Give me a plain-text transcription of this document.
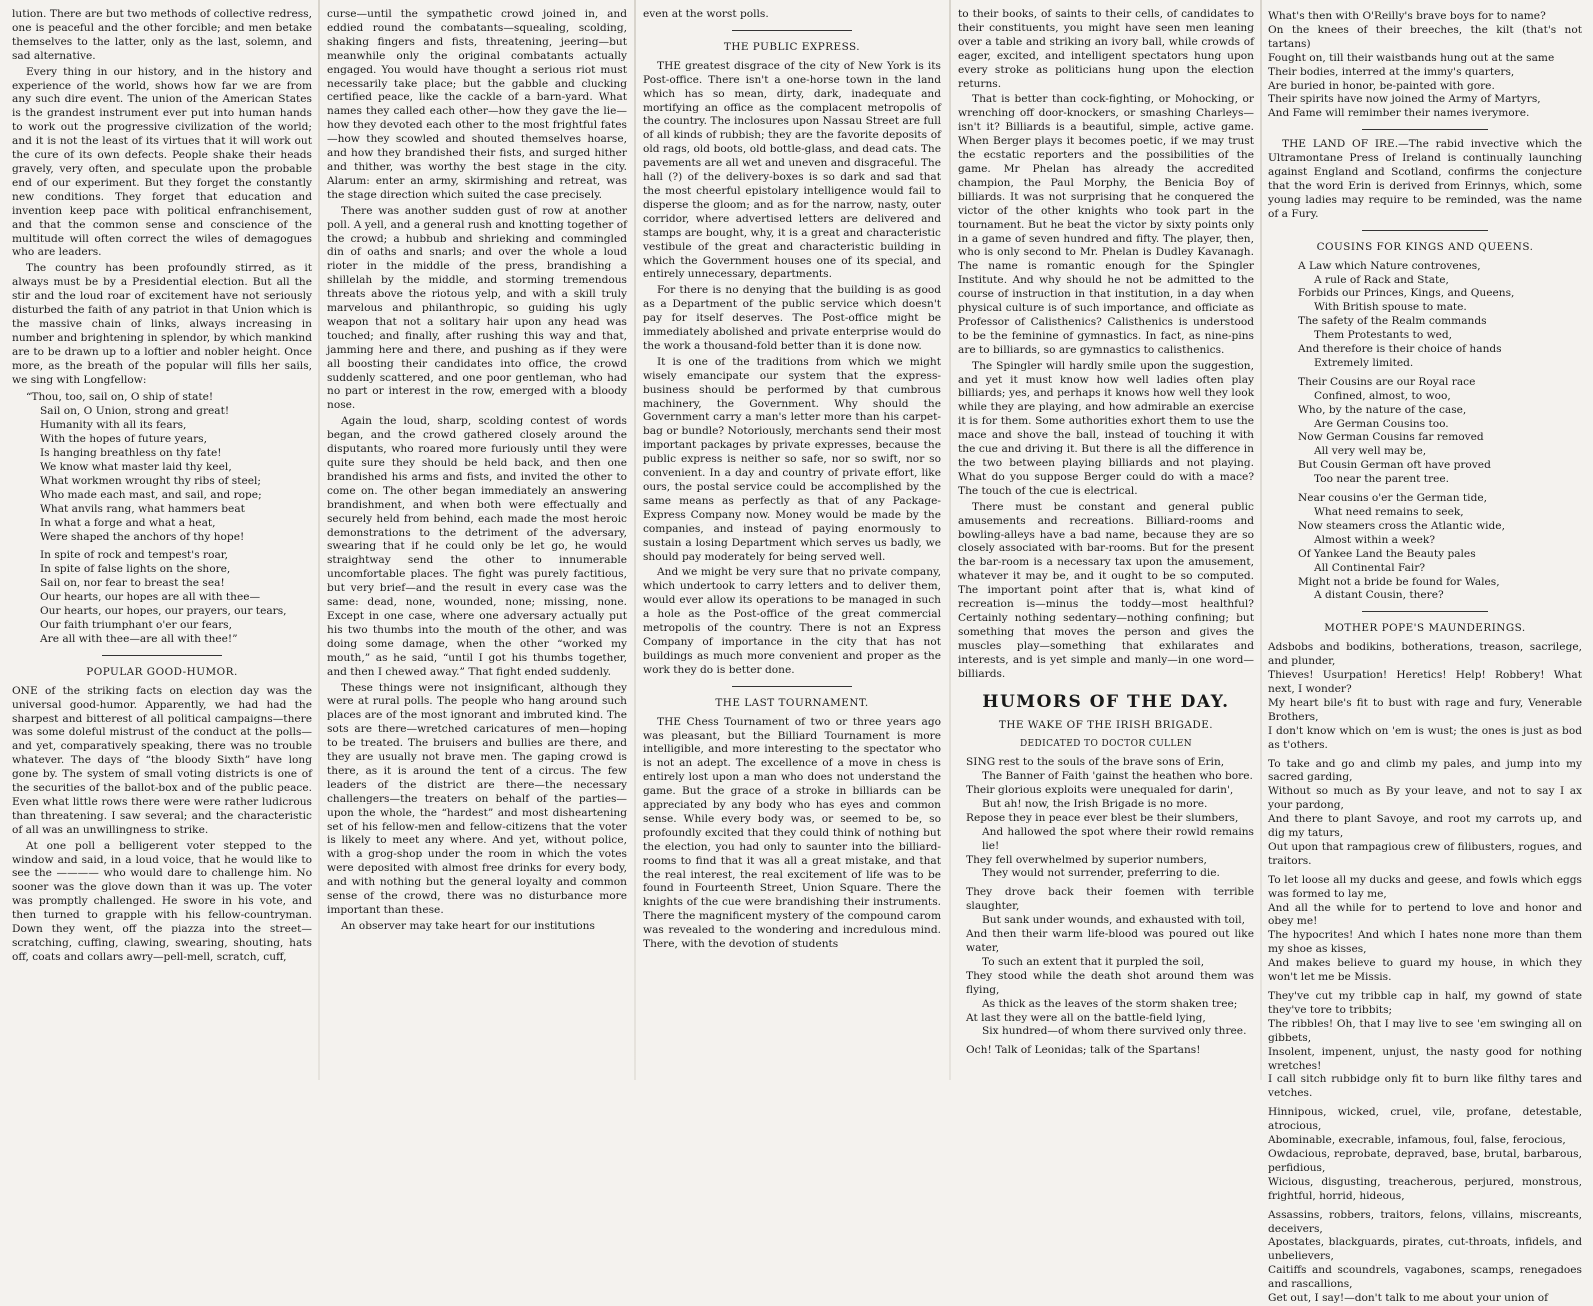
lution. There are but two methods of collective redress, one is peaceful and the other forcible; and men betake themselves to the latter, only as the last, solemn, and sad alternative.

Every thing in our history, and in the history and experience of the world, shows how far we are from any such dire event. The union of the American States is the grandest instrument ever put into human hands to work out the progressive civilization of the world; and it is not the least of its virtues that it will work out the cure of its own defects. People shake their heads gravely, very often, and speculate upon the probable end of our experiment. But they forget the constantly new conditions. They forget that education and invention keep pace with political enfranchisement, and that the common sense and conscience of the multitude will often correct the wiles of demagogues who are leaders.

The country has been profoundly stirred, as it always must be by a Presidential election. But all the stir and the loud roar of excitement have not seriously disturbed the faith of any patriot in that Union which is the massive chain of links, always increasing in number and brightening in splendor, by which mankind are to be drawn up to a loftier and nobler height. Once more, as the breath of the popular will fills her sails, we sing with Longfellow:

“Thou, too, sail on, O ship of state!
Sail on, O Union, strong and great!
Humanity with all its fears,
With the hopes of future years,
Is hanging breathless on thy fate!
We know what master laid thy keel,
What workmen wrought thy ribs of steel;
Who made each mast, and sail, and rope;
What anvils rang, what hammers beat
In what a forge and what a heat,
Were shaped the anchors of thy hope!
In spite of rock and tempest's roar,
In spite of false lights on the shore,
Sail on, nor fear to breast the sea!
Our hearts, our hopes are all with thee—
Our hearts, our hopes, our prayers, our tears,
Our faith triumphant o'er our fears,
Are all with thee—are all with thee!”
POPULAR GOOD-HUMOR.

ONE of the striking facts on election day was the universal good-humor. Apparently, we had had the sharpest and bitterest of all political campaigns—there was some doleful mistrust of the conduct at the polls—and yet, comparatively speaking, there was no trouble whatever. The days of “the bloody Sixth” have long gone by. The system of small voting districts is one of the securities of the ballot-box and of the public peace. Even what little rows there were were rather ludicrous than threatening. I saw several; and the characteristic of all was an unwillingness to strike.

At one poll a belligerent voter stepped to the window and said, in a loud voice, that he would like to see the ———— who would dare to challenge him. No sooner was the glove down than it was up. The voter was promptly challenged. He swore in his vote, and then turned to grapple with his fellow-countryman. Down they went, off the piazza into the street—scratching, cuffing, clawing, swearing, shouting, hats off, coats and collars awry—pell-mell, scratch, cuff,

curse—until the sympathetic crowd joined in, and eddied round the combatants—squealing, scolding, shaking fingers and fists, threatening, jeering—but meanwhile only the original combatants actually engaged. You would have thought a serious riot must necessarily take place; but the gabble and clucking certified peace, like the cackle of a barn-yard. What names they called each other—how they gave the lie—how they devoted each other to the most frightful fates—how they scowled and shouted themselves hoarse, and how they brandished their fists, and surged hither and thither, was worthy the best stage in the city. Alarum: enter an army, skirmishing and retreat, was the stage direction which suited the case precisely.

There was another sudden gust of row at another poll. A yell, and a general rush and knotting together of the crowd; a hubbub and shrieking and commingled din of oaths and snarls; and over the whole a loud rioter in the middle of the press, brandishing a shillelah by the middle, and storming tremendous threats above the riotous yelp, and with a skill truly marvelous and philanthropic, so guiding his ugly weapon that not a solitary hair upon any head was touched; and finally, after rushing this way and that, jamming here and there, and pushing as if they were all boosting their candidates into office, the crowd suddenly scattered, and one poor gentleman, who had no part or interest in the row, emerged with a bloody nose.

Again the loud, sharp, scolding contest of words began, and the crowd gathered closely around the disputants, who roared more furiously until they were quite sure they should be held back, and then one brandished his arms and fists, and invited the other to come on. The other began immediately an answering brandishment, and when both were effectually and securely held from behind, each made the most heroic demonstrations to the detriment of the adversary, swearing that if he could only be let go, he would straightway send the other to innumerable uncomfortable places. The fight was purely factitious, but very brief—and the result in every case was the same: dead, none, wounded, none; missing, none. Except in one case, where one adversary actually put his two thumbs into the mouth of the other, and was doing some damage, when the other “worked my mouth,” as he said, “until I got his thumbs together, and then I chewed away.” That fight ended suddenly.

These things were not insignificant, although they were at rural polls. The people who hang around such places are of the most ignorant and imbruted kind. The sots are there—wretched caricatures of men—hoping to be treated. The bruisers and bullies are there, and they are usually not brave men. The gaping crowd is there, as it is around the tent of a circus. The few leaders of the district are there—the necessary challengers—the treaters on behalf of the parties—upon the whole, the “hardest” and most disheartening set of his fellow-men and fellow-citizens that the voter is likely to meet any where. And yet, without police, with a grog-shop under the room in which the votes were deposited with almost free drinks for every body, and with nothing but the general loyalty and common sense of the crowd, there was no disturbance more important than these.

An observer may take heart for our institutions

even at the worst polls.

THE PUBLIC EXPRESS.

THE greatest disgrace of the city of New York is its Post-office. There isn't a one-horse town in the land which has so mean, dirty, dark, inadequate and mortifying an office as the complacent metropolis of the country. The inclosures upon Nassau Street are full of all kinds of rubbish; they are the favorite deposits of old rags, old boots, old bottle-glass, and dead cats. The pavements are all wet and uneven and disgraceful. The hall (?) of the delivery-boxes is so dark and sad that the most cheerful epistolary intelligence would fail to disperse the gloom; and as for the narrow, nasty, outer corridor, where advertised letters are delivered and stamps are bought, why, it is a great and characteristic vestibule of the great and characteristic building in which the Government houses one of its special, and entirely unnecessary, departments.

For there is no denying that the building is as good as a Department of the public service which doesn't pay for itself deserves. The Post-office might be immediately abolished and private enterprise would do the work a thousand-fold better than it is done now.

It is one of the traditions from which we might wisely emancipate our system that the express-business should be performed by that cumbrous machinery, the Government. Why should the Government carry a man's letter more than his carpet-bag or bundle? Notoriously, merchants send their most important packages by private expresses, because the public express is neither so safe, nor so swift, nor so convenient. In a day and country of private effort, like ours, the postal service could be accomplished by the same means as perfectly as that of any Package-Express Company now. Money would be made by the companies, and instead of paying enormously to sustain a losing Department which serves us badly, we should pay moderately for being served well.

And we might be very sure that no private company, which undertook to carry letters and to deliver them, would ever allow its operations to be managed in such a hole as the Post-office of the great commercial metropolis of the country. There is not an Express Company of importance in the city that has not buildings as much more convenient and proper as the work they do is better done.

THE LAST TOURNAMENT.

THE Chess Tournament of two or three years ago was pleasant, but the Billiard Tournament is more intelligible, and more interesting to the spectator who is not an adept. The excellence of a move in chess is entirely lost upon a man who does not understand the game. But the grace of a stroke in billiards can be appreciated by any body who has eyes and common sense. While every body was, or seemed to be, so profoundly excited that they could think of nothing but the election, you had only to saunter into the billiard-rooms to find that it was all a great mistake, and that the real interest, the real excitement of life was to be found in Fourteenth Street, Union Square. There the knights of the cue were brandishing their instruments. There the magnificent mystery of the compound carom was revealed to the wondering and incredulous mind. There, with the devotion of students

to their books, of saints to their cells, of candidates to their constituents, you might have seen men leaning over a table and striking an ivory ball, while crowds of eager, excited, and intelligent spectators hung upon every stroke as politicians hung upon the election returns.

That is better than cock-fighting, or Mohocking, or wrenching off door-knockers, or smashing Charleys—isn't it? Billiards is a beautiful, simple, active game. When Berger plays it becomes poetic, if we may trust the ecstatic reporters and the possibilities of the game. Mr Phelan has already the accredited champion, the Paul Morphy, the Benicia Boy of billiards. It was not surprising that he conquered the victor of the other knights who took part in the tournament. But he beat the victor by sixty points only in a game of seven hundred and fifty. The player, then, who is only second to Mr. Phelan is Dudley Kavanagh. The name is romantic enough for the Spingler Institute. And why should he not be admitted to the course of instruction in that institution, in a day when physical culture is of such importance, and officiate as Professor of Calisthenics? Calisthenics is understood to be the feminine of gymnastics. In fact, as nine-pins are to billiards, so are gymnastics to calisthenics.

The Spingler will hardly smile upon the suggestion, and yet it must know how well ladies often play billiards; yes, and perhaps it knows how well they look while they are playing, and how admirable an exercise it is for them. Some authorities exhort them to use the mace and shove the ball, instead of touching it with the cue and driving it. But there is all the difference in the two between playing billiards and not playing. What do you suppose Berger could do with a mace? The touch of the cue is electrical.

There must be constant and general public amusements and recreations. Billiard-rooms and bowling-alleys have a bad name, because they are so closely associated with bar-rooms. But for the present the bar-room is a necessary tax upon the amusement, whatever it may be, and it ought to be so computed. The important point after that is, what kind of recreation is—minus the toddy—most healthful? Certainly nothing sedentary—nothing confining; but something that moves the person and gives the muscles play—something that exhilarates and interests, and is yet simple and manly—in one word—billiards.

HUMORS OF THE DAY.
THE WAKE OF THE IRISH BRIGADE.
DEDICATED TO DOCTOR CULLEN
SING rest to the souls of the brave sons of Erin,
The Banner of Faith 'gainst the heathen who bore.
Their glorious exploits were unequaled for darin',
But ah! now, the Irish Brigade is no more.
Repose they in peace ever blest be their slumbers,
And hallowed the spot where their rowld remains lie!
They fell overwhelmed by superior numbers,
They would not surrender, preferring to die.
They drove back their foemen with terrible slaughter,
But sank under wounds, and exhausted with toil,
And then their warm life-blood was poured out like water,
To such an extent that it purpled the soil,
They stood while the death shot around them was flying,
As thick as the leaves of the storm shaken tree;
At last they were all on the battle-field lying,
Six hundred—of whom there survived only three.
Och! Talk of Leonidas; talk of the Spartans!
What's then with O'Reilly's brave boys for to name?
On the knees of their breeches, the kilt (that's not tartans)
Fought on, till their waistbands hung out at the same
Their bodies, interred at the immy's quarters,
Are buried in honor, be-painted with gore.
Their spirits have now joined the Army of Martyrs,
And Fame will remimber their names iverymore.

THE LAND OF IRE.—The rabid invective which the Ultramontane Press of Ireland is continually launching against England and Scotland, confirms the conjecture that the word Erin is derived from Erinnys, which, some young ladies may require to be reminded, was the name of a Fury.

COUSINS FOR KINGS AND QUEENS.
A Law which Nature controvenes,
A rule of Rack and State,
Forbids our Princes, Kings, and Queens,
With British spouse to mate.
The safety of the Realm commands
Them Protestants to wed,
And therefore is their choice of hands
Extremely limited.
Their Cousins are our Royal race
Confined, almost, to woo,
Who, by the nature of the case,
Are German Cousins too.
Now German Cousins far removed
All very well may be,
But Cousin German oft have proved
Too near the parent tree.
Near cousins o'er the German tide,
What need remains to seek,
Now steamers cross the Atlantic wide,
Almost within a week?
Of Yankee Land the Beauty pales
All Continental Fair?
Might not a bride be found for Wales,
A distant Cousin, there?
MOTHER POPE'S MAUNDERINGS.
Adsbobs and bodikins, botherations, treason, sacrilege, and plunder,
Thieves! Usurpation! Heretics! Help! Robbery! What next, I wonder?
My heart bile's fit to bust with rage and fury, Venerable Brothers,
I don't know which on 'em is wust; the ones is just as bod as t'others.
To take and go and climb my pales, and jump into my sacred garding,
Without so much as By your leave, and not to say I ax your pardong,
And there to plant Savoye, and root my carrots up, and dig my taturs,
Out upon that rampagious crew of filibusters, rogues, and traitors.
To let loose all my ducks and geese, and fowls which eggs was formed to lay me,
And all the while for to pertend to love and honor and obey me!
The hypocrites! And which I hates none more than them my shoe as kisses,
And makes believe to guard my house, in which they won't let me be Missis.
They've cut my tribble cap in half, my gownd of state they've tore to tribbits;
The ribbles! Oh, that I may live to see 'em swinging all on gibbets,
Insolent, impenent, unjust, the nasty good for nothing wretches!
I call sitch rubbidge only fit to burn like filthy tares and vetches.
Hinnipous, wicked, cruel, vile, profane, detestable, atrocious,
Abominable, execrable, infamous, foul, false, ferocious,
Owdacious, reprobate, depraved, base, brutal, barbarous, perfidious,
Wicious, disgusting, treacherous, perjured, monstrous, frightful, horrid, hideous,
Assassins, robbers, traitors, felons, villains, miscreants, deceivers,
Apostates, blackguards, pirates, cut-throats, infidels, and unbelievers,
Caitiffs and scoundrels, vagabones, scamps, renegadoes and rascallions,
Get out, I say!—don't talk to me about your union of
